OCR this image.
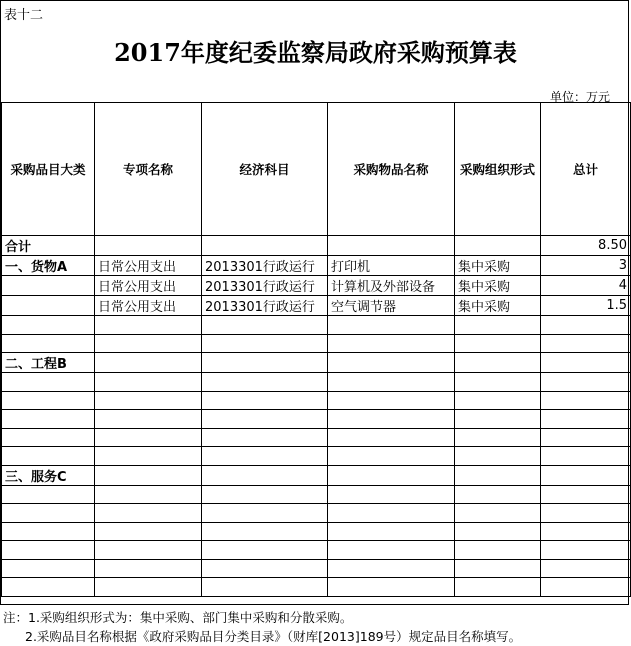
表十二
2017年度纪委监察局政府采购预算表
单位：万元
采购品目大类	专项名称	经济科目	采购物品名称	采购组织形式	总计
合计					8.50
一、货物A	日常公用支出	2013301行政运行	打印机	集中采购	3
	日常公用支出	2013301行政运行	计算机及外部设备	集中采购	4
	日常公用支出	2013301行政运行	空气调节器	集中采购	1.5

二、工程B					

三、服务C					

注：1.采购组织形式为：集中采购、部门集中采购和分散采购。
2.采购品目名称根据《政府采购品目分类目录》（财库[2013]189号）规定品目名称填写。
